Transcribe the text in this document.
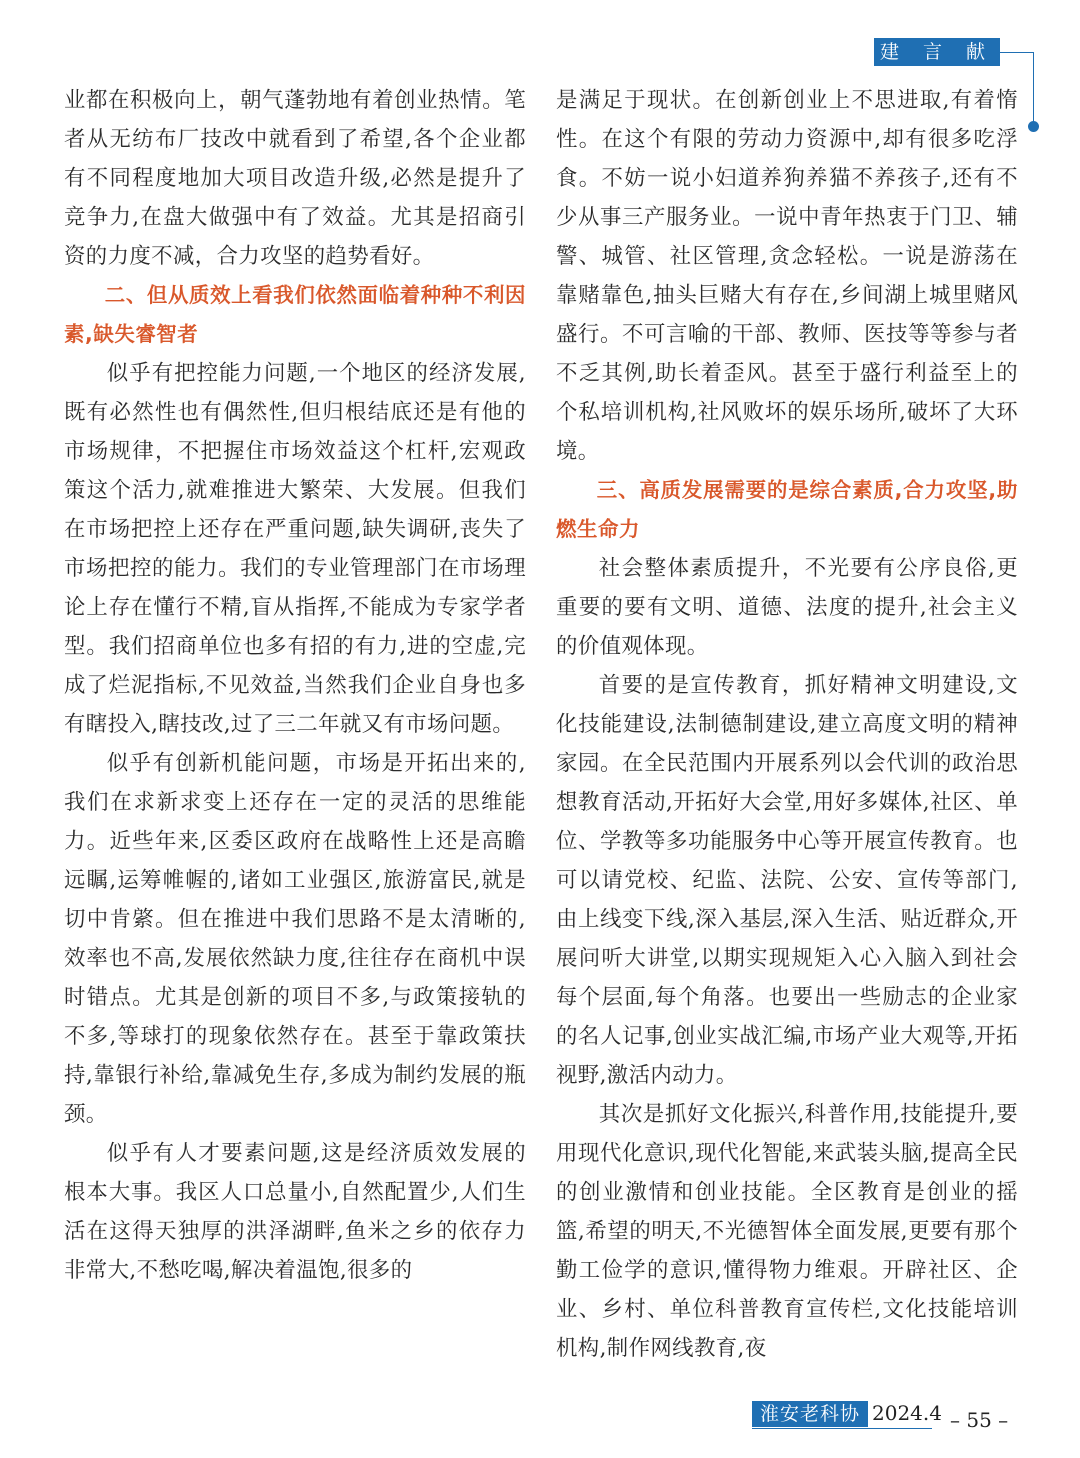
建 言 献 策

业都在积极向上，朝气蓬勃地有着创业热情。笔者从无纺布厂技改中就看到了希望,各个企业都有不同程度地加大项目改造升级,必然是提升了竞争力,在盘大做强中有了效益。尤其是招商引资的力度不减，合力攻坚的趋势看好。

二、但从质效上看我们依然面临着种种不利因素,缺失睿智者

似乎有把控能力问题,一个地区的经济发展,既有必然性也有偶然性,但归根结底还是有他的市场规律，不把握住市场效益这个杠杆,宏观政策这个活力,就难推进大繁荣、大发展。但我们在市场把控上还存在严重问题,缺失调研,丧失了市场把控的能力。我们的专业管理部门在市场理论上存在懂行不精,盲从指挥,不能成为专家学者型。我们招商单位也多有招的有力,进的空虚,完成了烂泥指标,不见效益,当然我们企业自身也多有瞎投入,瞎技改,过了三二年就又有市场问题。

似乎有创新机能问题，市场是开拓出来的,我们在求新求变上还存在一定的灵活的思维能力。近些年来,区委区政府在战略性上还是高瞻远瞩,运筹帷幄的,诸如工业强区,旅游富民,就是切中肯綮。但在推进中我们思路不是太清晰的,效率也不高,发展依然缺力度,往往存在商机中误时错点。尤其是创新的项目不多,与政策接轨的不多,等球打的现象依然存在。甚至于靠政策扶持,靠银行补给,靠减免生存,多成为制约发展的瓶颈。

似乎有人才要素问题,这是经济质效发展的根本大事。我区人口总量小,自然配置少,人们生活在这得天独厚的洪泽湖畔,鱼米之乡的依存力非常大,不愁吃喝,解决着温饱,很多的

是满足于现状。在创新创业上不思进取,有着惰性。在这个有限的劳动力资源中,却有很多吃浮食。不妨一说小妇道养狗养猫不养孩子,还有不少从事三产服务业。一说中青年热衷于门卫、辅警、城管、社区管理,贪念轻松。一说是游荡在靠赌靠色,抽头巨赌大有存在,乡间湖上城里赌风盛行。不可言喻的干部、教师、医技等等参与者不乏其例,助长着歪风。甚至于盛行利益至上的个私培训机构,社风败坏的娱乐场所,破坏了大环境。

三、高质发展需要的是综合素质,合力攻坚,助燃生命力

社会整体素质提升，不光要有公序良俗,更重要的要有文明、道德、法度的提升,社会主义的价值观体现。

首要的是宣传教育，抓好精神文明建设,文化技能建设,法制德制建设,建立高度文明的精神家园。在全民范围内开展系列以会代训的政治思想教育活动,开拓好大会堂,用好多媒体,社区、单位、学教等多功能服务中心等开展宣传教育。也可以请党校、纪监、法院、公安、宣传等部门,由上线变下线,深入基层,深入生活、贴近群众,开展问听大讲堂,以期实现规矩入心入脑入到社会每个层面,每个角落。也要出一些励志的企业家的名人记事,创业实战汇编,市场产业大观等,开拓视野,激活内动力。

其次是抓好文化振兴,科普作用,技能提升,要用现代化意识,现代化智能,来武装头脑,提高全民的创业激情和创业技能。全区教育是创业的摇篮,希望的明天,不光德智体全面发展,更要有那个勤工俭学的意识,懂得物力维艰。开辟社区、企业、乡村、单位科普教育宣传栏,文化技能培训机构,制作网线教育,夜

淮安老科协 2024.4 – 55 –
